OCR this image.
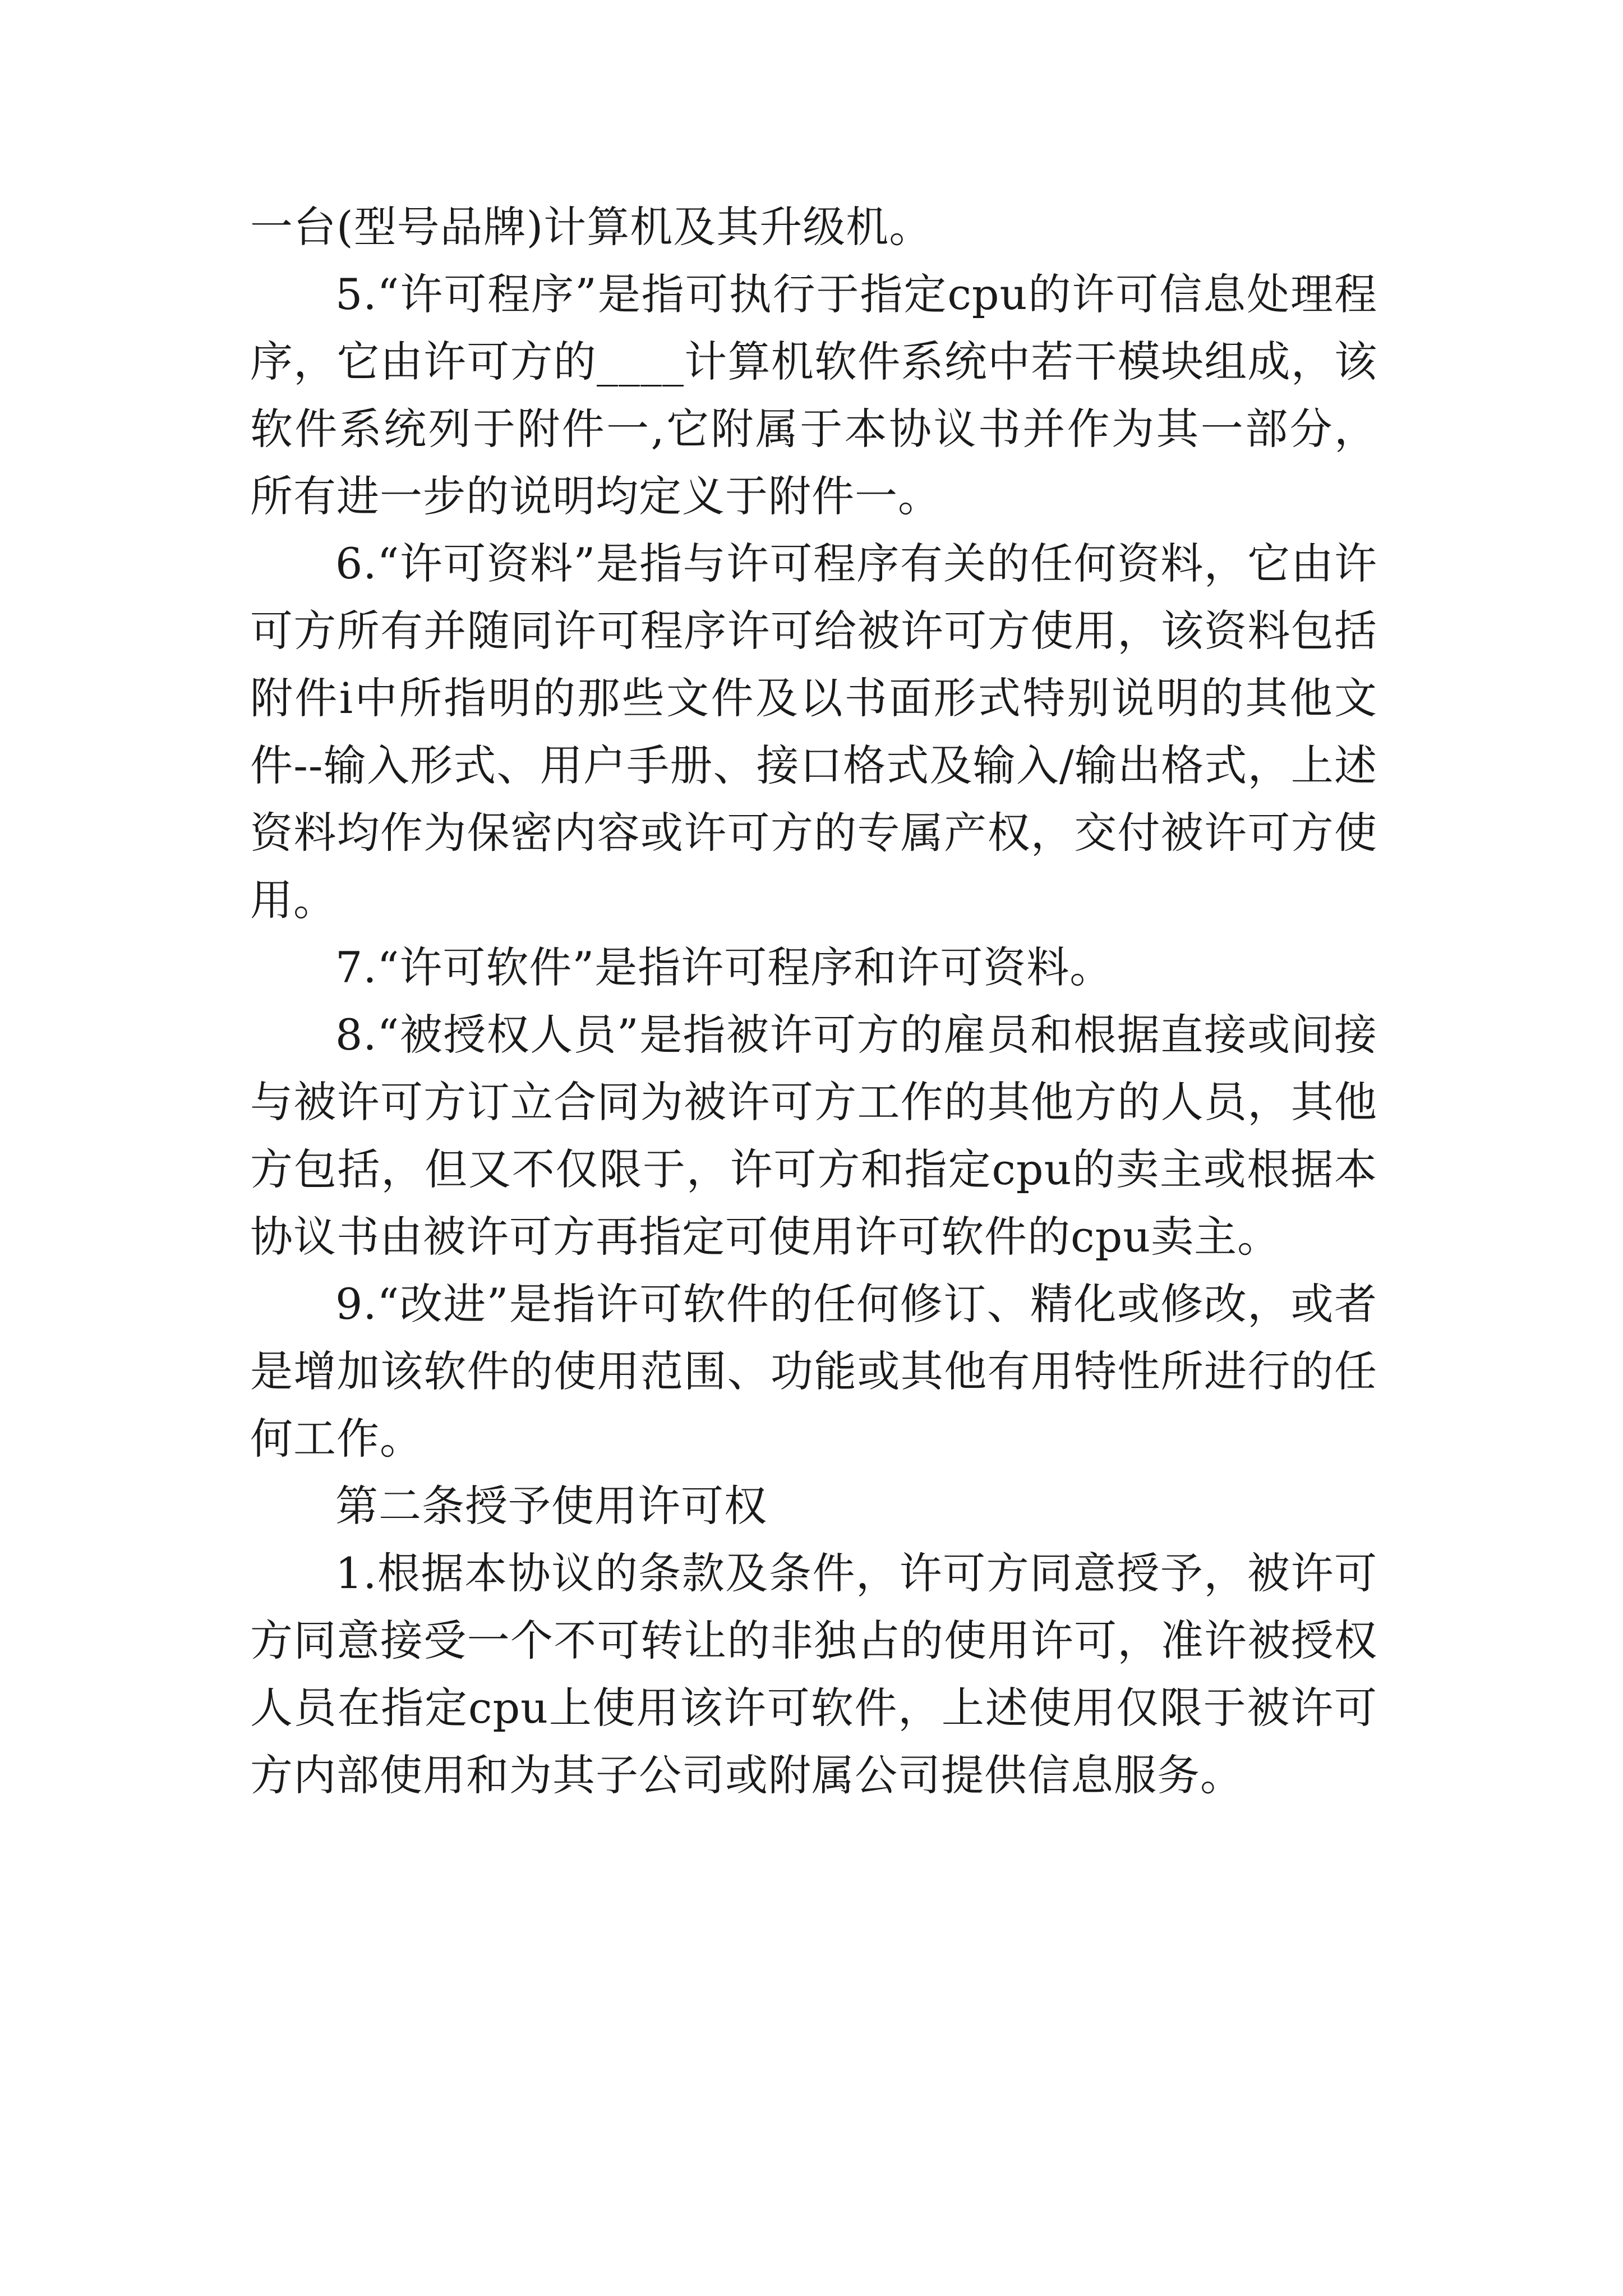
一台(型号品牌)计算机及其升级机。

5.“许可程序”是指可执行于指定cpu的许可信息处理程序，它由许可方的____计算机软件系统中若干模块组成，该软件系统列于附件一,它附属于本协议书并作为其一部分，所有进一步的说明均定义于附件一。

6.“许可资料”是指与许可程序有关的任何资料，它由许可方所有并随同许可程序许可给被许可方使用，该资料包括附件i中所指明的那些文件及以书面形式特别说明的其他文件--输入形式、用户手册、接口格式及输入/输出格式，上述资料均作为保密内容或许可方的专属产权，交付被许可方使用。

7.“许可软件”是指许可程序和许可资料。

8.“被授权人员”是指被许可方的雇员和根据直接或间接与被许可方订立合同为被许可方工作的其他方的人员，其他方包括，但又不仅限于，许可方和指定cpu的卖主或根据本协议书由被许可方再指定可使用许可软件的cpu卖主。

9.“改进”是指许可软件的任何修订、精化或修改，或者是增加该软件的使用范围、功能或其他有用特性所进行的任何工作。

第二条授予使用许可权

1.根据本协议的条款及条件，许可方同意授予，被许可方同意接受一个不可转让的非独占的使用许可，准许被授权人员在指定cpu上使用该许可软件，上述使用仅限于被许可方内部使用和为其子公司或附属公司提供信息服务。
